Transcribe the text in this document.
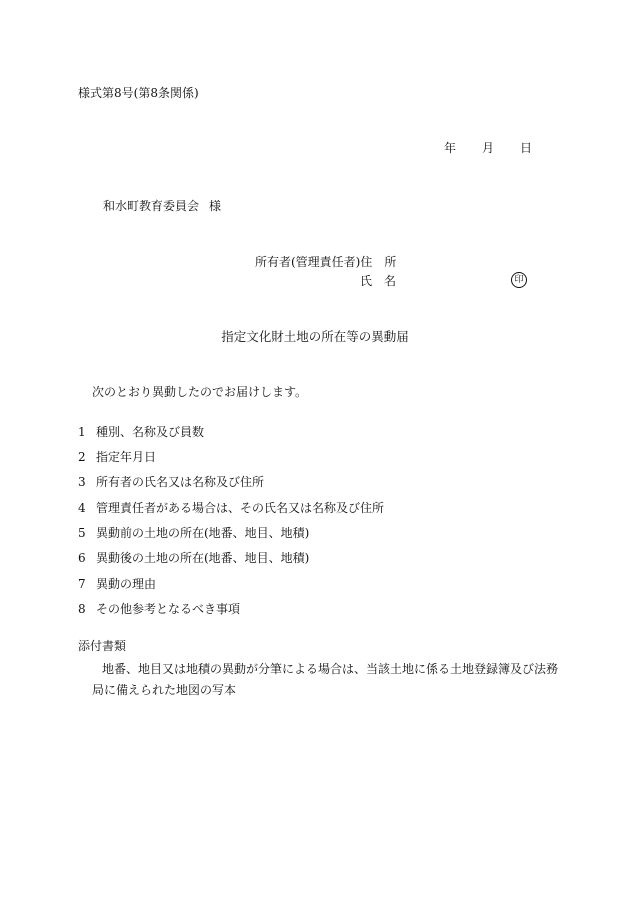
様式第8号(第8条関係)

年 月 日

和水町教育委員会 様

所有者(管理責任者)住　所

氏　名	印

指定文化財土地の所在等の異動届

次のとおり異動したのでお届けします。

1 種別、名称及び員数

2 指定年月日

3 所有者の氏名又は名称及び住所

4 管理責任者がある場合は、その氏名又は名称及び住所

5 異動前の土地の所在(地番、地目、地積)

6 異動後の土地の所在(地番、地目、地積)

7 異動の理由

8 その他参考となるべき事項

添付書類

地番、地目又は地積の異動が分筆による場合は、当該土地に係る土地登録簿及び法務

局に備えられた地図の写本
